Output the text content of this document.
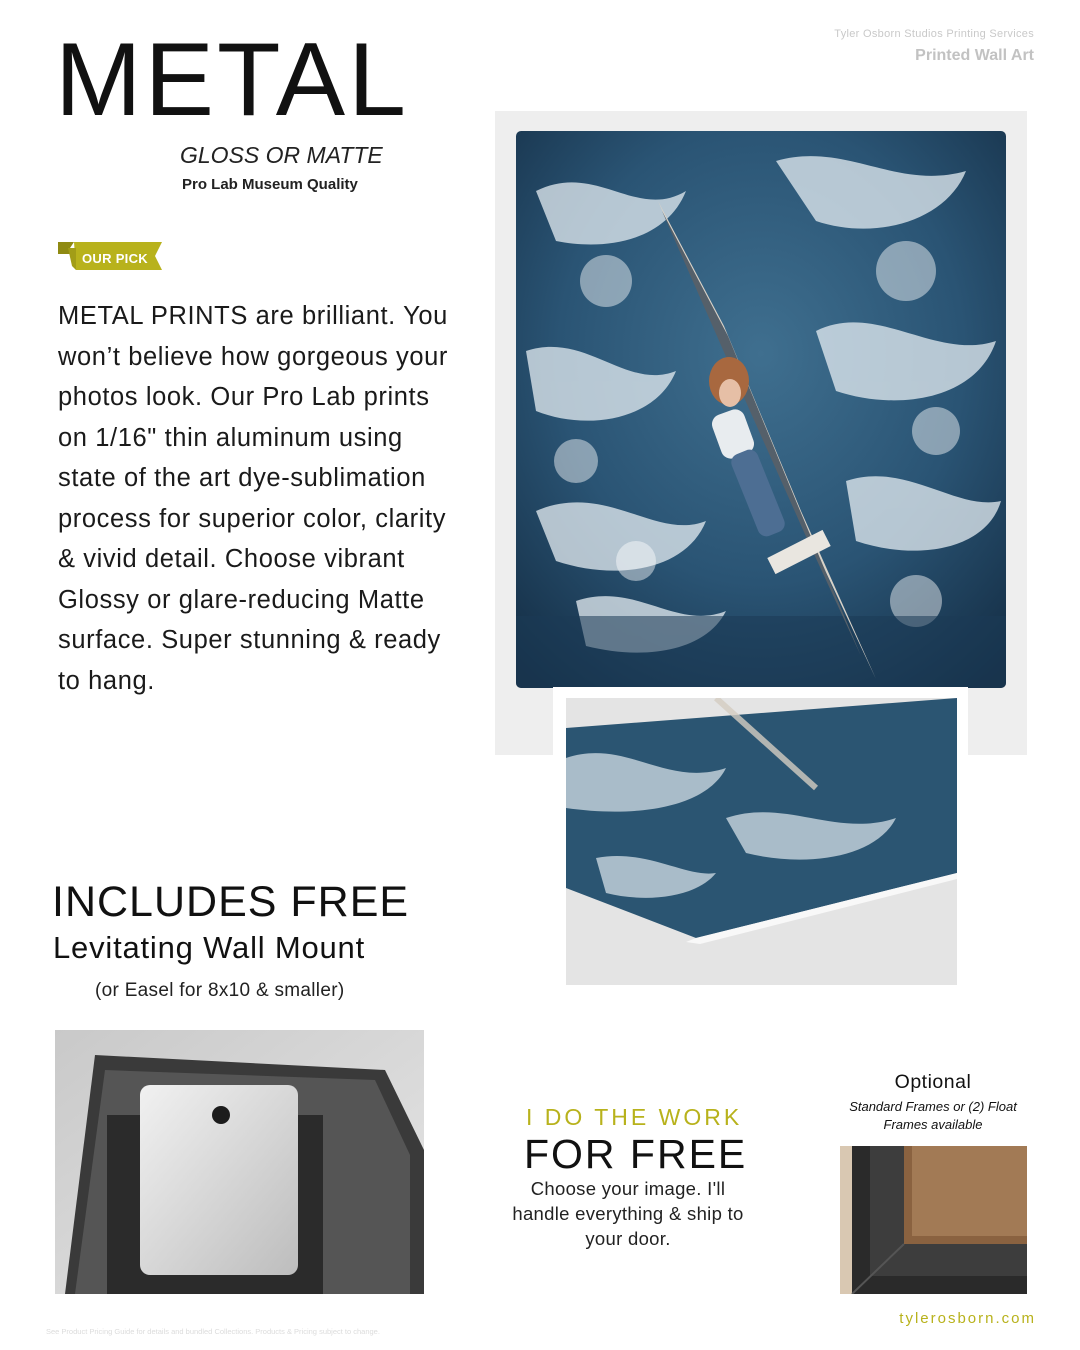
Tyler Osborn Studios Printing Services
Printed Wall Art
METAL
GLOSS OR MATTE
Pro Lab Museum Quality
OUR PICK
METAL PRINTS are brilliant. You won’t believe how gorgeous your photos look. Our Pro Lab prints on 1/16" thin aluminum using state of the art dye-sublimation process for superior color, clarity & vivid detail. Choose vibrant Glossy or glare-reducing Matte surface. Super stunning & ready to hang.
INCLUDES FREE
Levitating Wall Mount
(or Easel for 8x10 & smaller)
I DO THE WORK
FOR FREE
Choose your image. I'll handle everything & ship to your door.
Optional
Standard Frames or (2) Float Frames available
tylerosborn.com
See Product Pricing Guide for details and bundled Collections. Products & Pricing subject to change.
